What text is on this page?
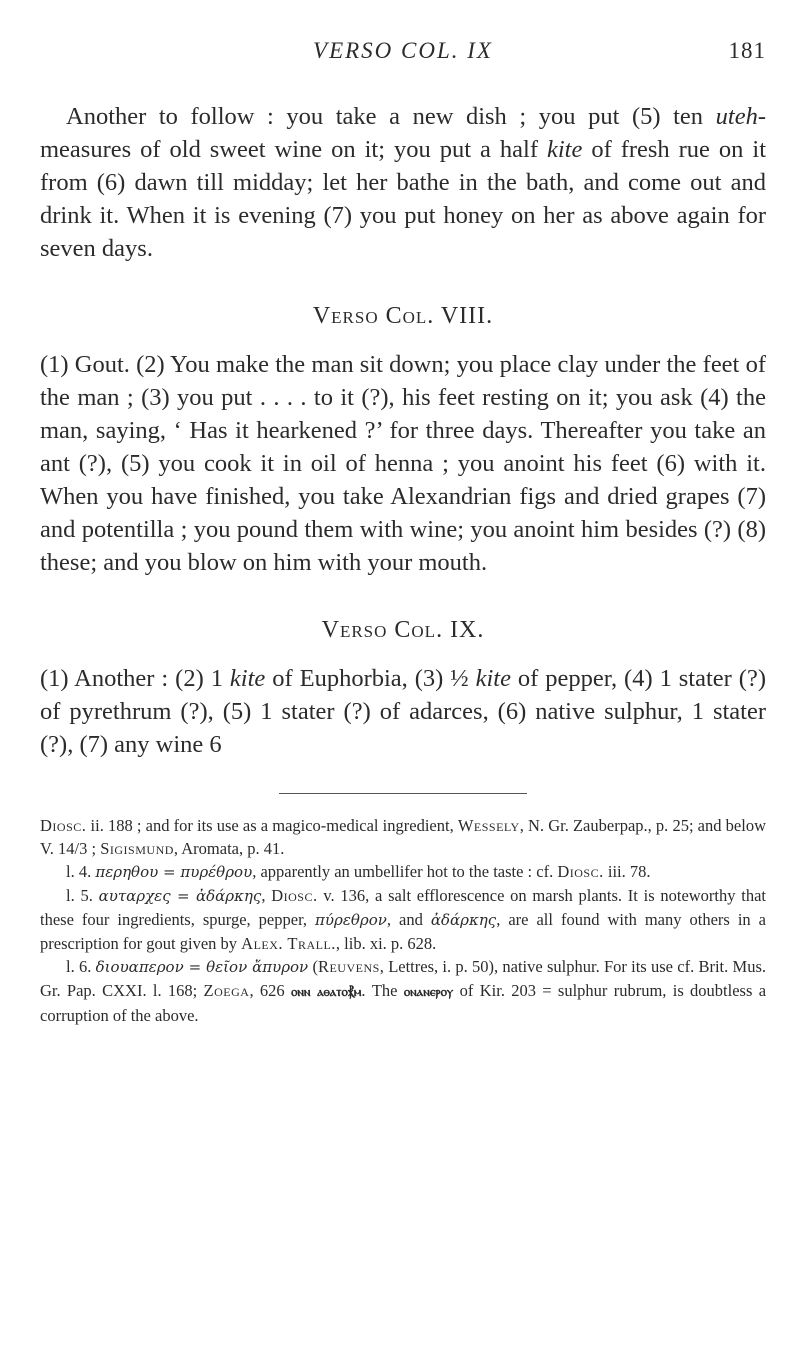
VERSO COL. IX	181

Another to follow : you take a new dish ; you put (5) ten uteh-measures of old sweet wine on it; you put a half kite of fresh rue on it from (6) dawn till midday; let her bathe in the bath, and come out and drink it. When it is evening (7) you put honey on her as above again for seven days.

Verso Col. VIII.

(1) Gout. (2) You make the man sit down; you place clay under the feet of the man ; (3) you put . . . . to it (?), his feet resting on it; you ask (4) the man, saying, ‘ Has it hearkened ?’ for three days. Thereafter you take an ant (?), (5) you cook it in oil of henna ; you anoint his feet (6) with it. When you have finished, you take Alexandrian figs and dried grapes (7) and potentilla ; you pound them with wine; you anoint him besides (?) (8) these; and you blow on him with your mouth.

Verso Col. IX.

(1) Another : (2) 1 kite of Euphorbia, (3) ½ kite of pepper, (4) 1 stater (?) of pyrethrum (?), (5) 1 stater (?) of adarces, (6) native sulphur, 1 stater (?), (7) any wine 6

Diosc. ii. 188 ; and for its use as a magico-medical ingredient, Wessely, N. Gr. Zauberpap., p. 25; and below V. 14/3 ; Sigismund, Aromata, p. 41.

l. 4. περηθου = πυρέθρου, apparently an umbellifer hot to the taste : cf. Diosc. iii. 78.

l. 5. αυταρχες = ἀδάρκης, Diosc. v. 136, a salt efflorescence on marsh plants. It is noteworthy that these four ingredients, spurge, pepper, πύρεθρον, and ἀδάρκης, are all found with many others in a prescription for gout given by Alex. Trall., lib. xi. p. 628.

l. 6. διουαπερον = θεῖον ἄπυρον (Reuvens, Lettres, i. p. 50), native sulphur. For its use cf. Brit. Mus. Gr. Pap. CXXI. l. 168; Zoega, 626 ⲟⲛⲛ ⲁⲑⲁⲧⲟ⳩ⲙ. The ⲟⲛⲁⲛⲉⲣⲟⲩ of Kir. 203 = sulphur rubrum, is doubtless a corruption of the above.
